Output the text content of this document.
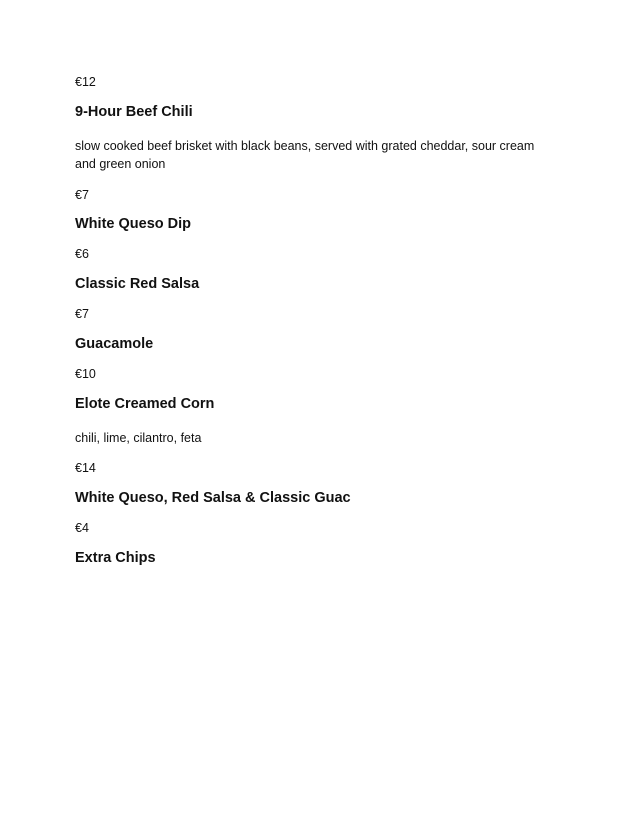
€12
9-Hour Beef Chili
slow cooked beef brisket with black beans, served with grated cheddar, sour cream and green onion
€7
White Queso Dip
€6
Classic Red Salsa
€7
Guacamole
€10
Elote Creamed Corn
chili, lime, cilantro, feta
€14
White Queso, Red Salsa & Classic Guac
€4
Extra Chips
